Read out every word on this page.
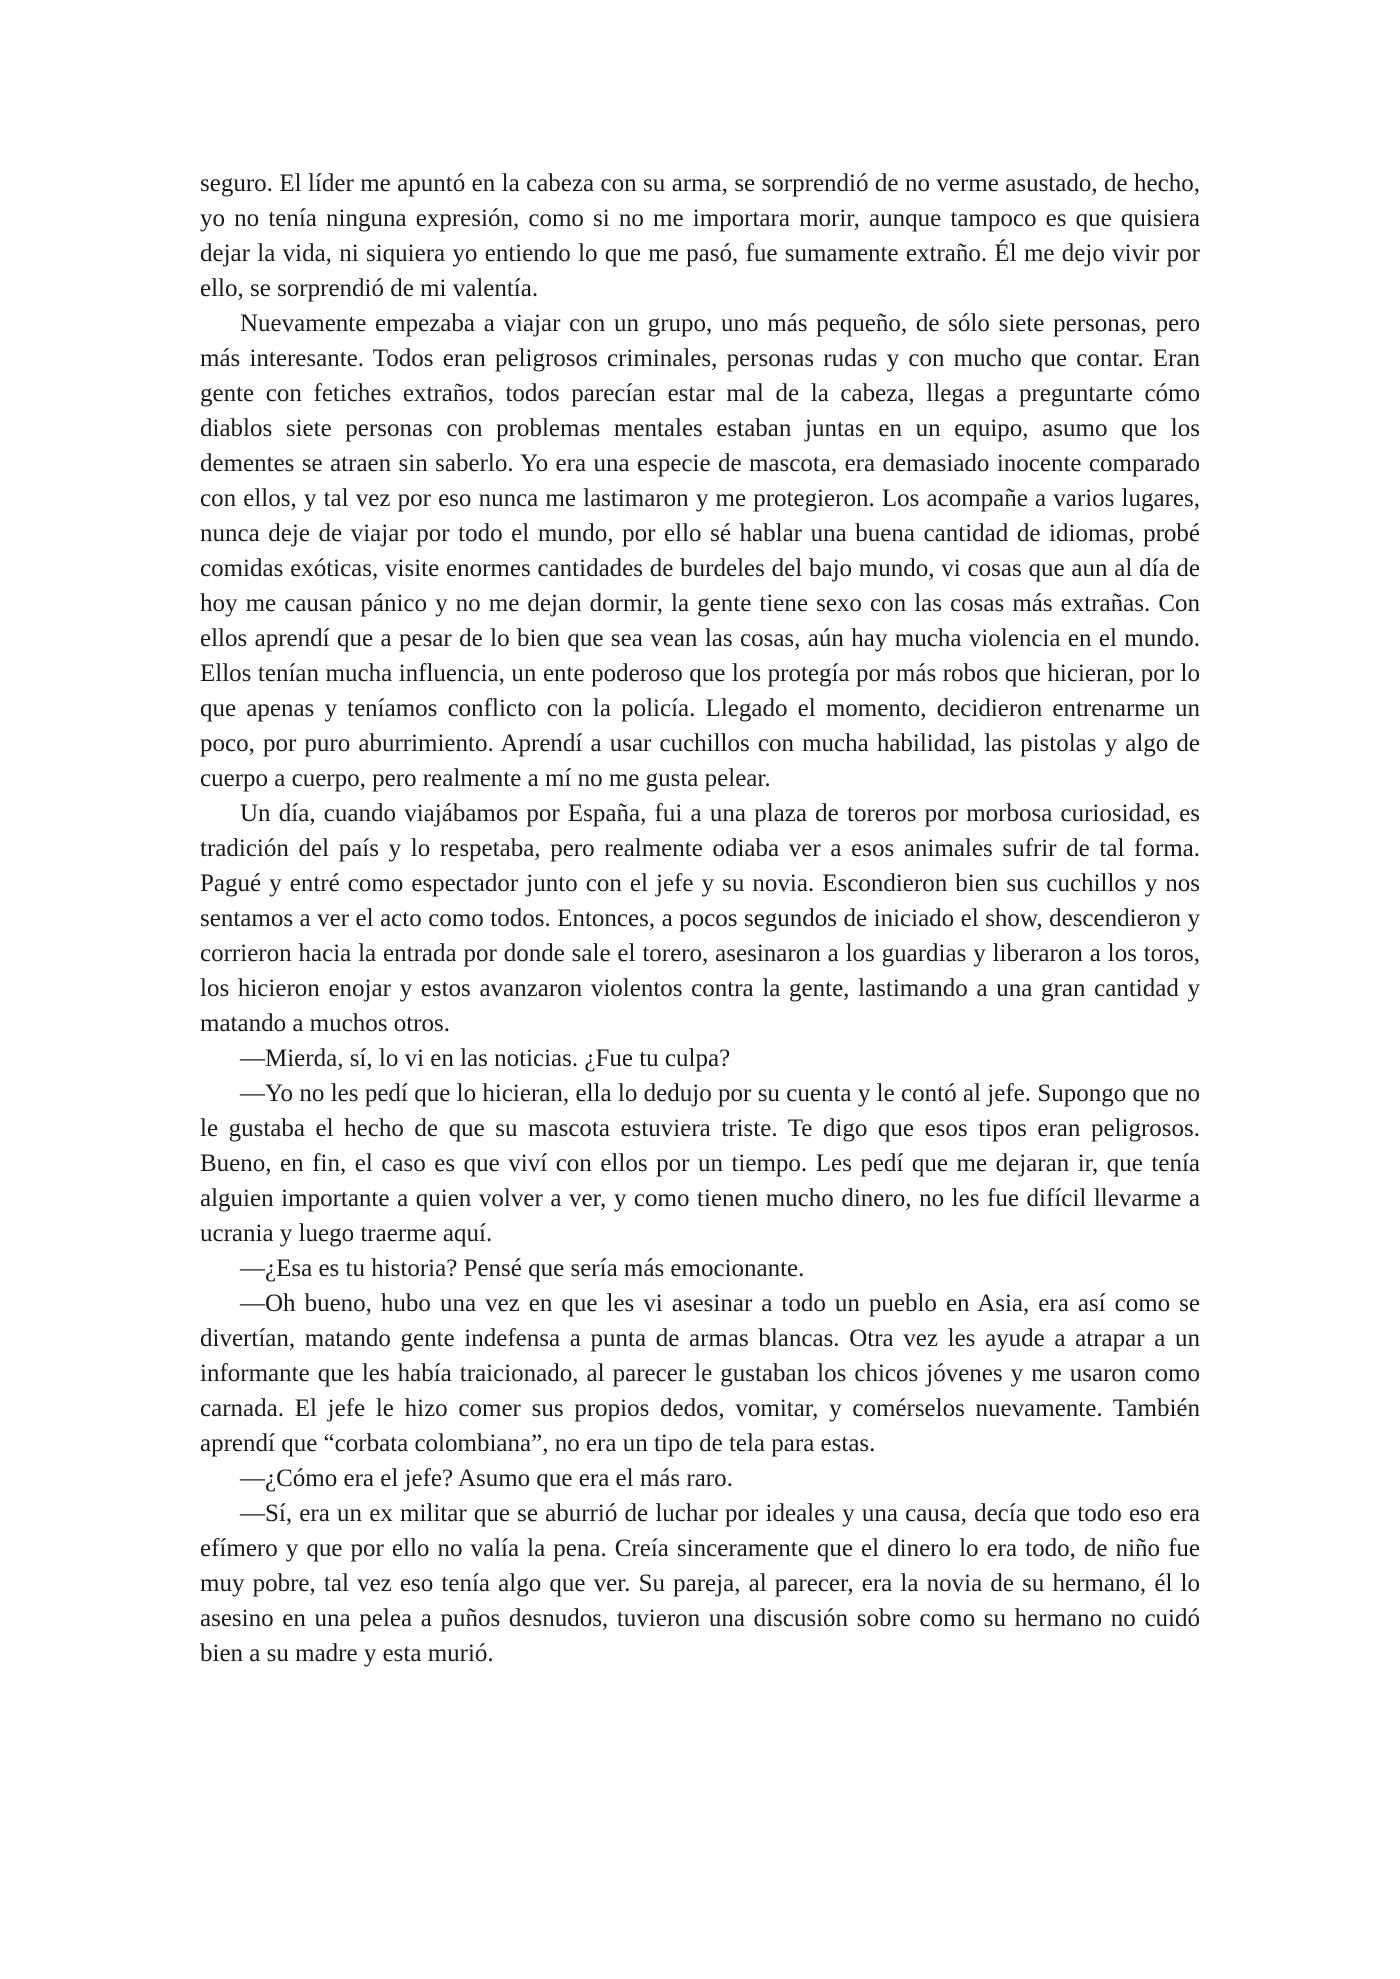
seguro. El líder me apuntó en la cabeza con su arma, se sorprendió de no verme asustado, de hecho, yo no tenía ninguna expresión, como si no me importara morir, aunque tampoco es que quisiera dejar la vida, ni siquiera yo entiendo lo que me pasó, fue sumamente extraño. Él me dejo vivir por ello, se sorprendió de mi valentía.

Nuevamente empezaba a viajar con un grupo, uno más pequeño, de sólo siete personas, pero más interesante. Todos eran peligrosos criminales, personas rudas y con mucho que contar. Eran gente con fetiches extraños, todos parecían estar mal de la cabeza, llegas a preguntarte cómo diablos siete personas con problemas mentales estaban juntas en un equipo, asumo que los dementes se atraen sin saberlo. Yo era una especie de mascota, era demasiado inocente comparado con ellos, y tal vez por eso nunca me lastimaron y me protegieron. Los acompañe a varios lugares, nunca deje de viajar por todo el mundo, por ello sé hablar una buena cantidad de idiomas, probé comidas exóticas, visite enormes cantidades de burdeles del bajo mundo, vi cosas que aun al día de hoy me causan pánico y no me dejan dormir, la gente tiene sexo con las cosas más extrañas. Con ellos aprendí que a pesar de lo bien que sea vean las cosas, aún hay mucha violencia en el mundo. Ellos tenían mucha influencia, un ente poderoso que los protegía por más robos que hicieran, por lo que apenas y teníamos conflicto con la policía. Llegado el momento, decidieron entrenarme un poco, por puro aburrimiento. Aprendí a usar cuchillos con mucha habilidad, las pistolas y algo de cuerpo a cuerpo, pero realmente a mí no me gusta pelear.

Un día, cuando viajábamos por España, fui a una plaza de toreros por morbosa curiosidad, es tradición del país y lo respetaba, pero realmente odiaba ver a esos animales sufrir de tal forma. Pagué y entré como espectador junto con el jefe y su novia. Escondieron bien sus cuchillos y nos sentamos a ver el acto como todos. Entonces, a pocos segundos de iniciado el show, descendieron y corrieron hacia la entrada por donde sale el torero, asesinaron a los guardias y liberaron a los toros, los hicieron enojar y estos avanzaron violentos contra la gente, lastimando a una gran cantidad y matando a muchos otros.

—Mierda, sí, lo vi en las noticias. ¿Fue tu culpa?

—Yo no les pedí que lo hicieran, ella lo dedujo por su cuenta y le contó al jefe. Supongo que no le gustaba el hecho de que su mascota estuviera triste. Te digo que esos tipos eran peligrosos. Bueno, en fin, el caso es que viví con ellos por un tiempo. Les pedí que me dejaran ir, que tenía alguien importante a quien volver a ver, y como tienen mucho dinero, no les fue difícil llevarme a ucrania y luego traerme aquí.

—¿Esa es tu historia? Pensé que sería más emocionante.

—Oh bueno, hubo una vez en que les vi asesinar a todo un pueblo en Asia, era así como se divertían, matando gente indefensa a punta de armas blancas. Otra vez les ayude a atrapar a un informante que les había traicionado, al parecer le gustaban los chicos jóvenes y me usaron como carnada. El jefe le hizo comer sus propios dedos, vomitar, y comérselos nuevamente. También aprendí que “corbata colombiana”, no era un tipo de tela para estas.

—¿Cómo era el jefe? Asumo que era el más raro.

—Sí, era un ex militar que se aburrió de luchar por ideales y una causa, decía que todo eso era efímero y que por ello no valía la pena. Creía sinceramente que el dinero lo era todo, de niño fue muy pobre, tal vez eso tenía algo que ver. Su pareja, al parecer, era la novia de su hermano, él lo asesino en una pelea a puños desnudos, tuvieron una discusión sobre como su hermano no cuidó bien a su madre y esta murió.
